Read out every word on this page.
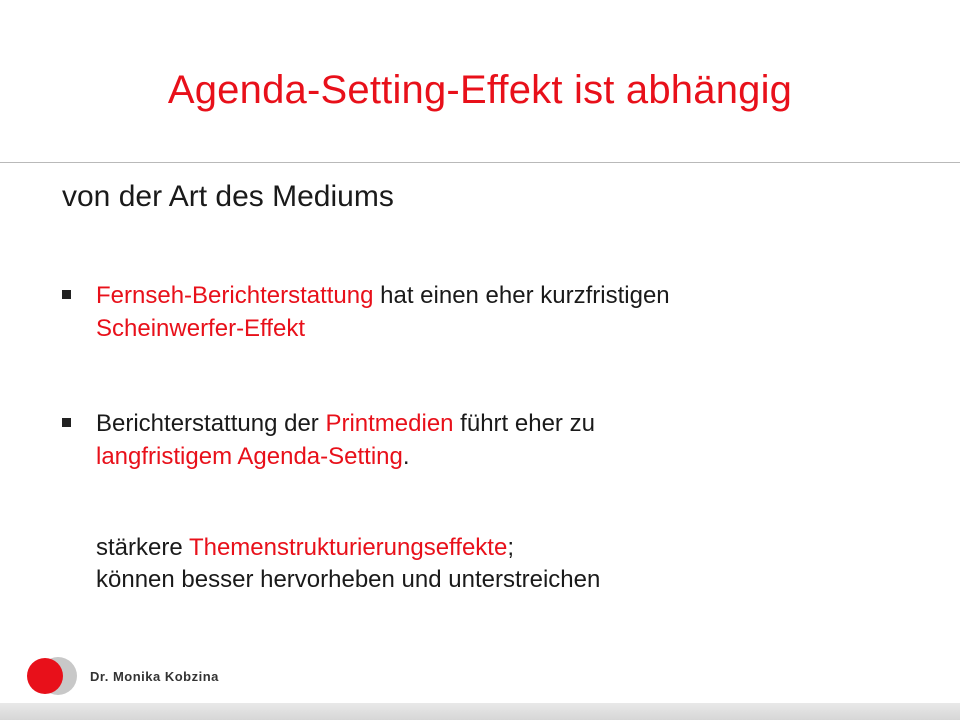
Agenda-Setting-Effekt ist abhängig
von der Art des Mediums
Fernseh-Berichterstattung hat einen eher kurzfristigen
Scheinwerfer-Effekt
Berichterstattung der Printmedien führt eher zu
langfristigem Agenda-Setting.
stärkere Themenstrukturierungseffekte;
können besser hervorheben und unterstreichen
Dr. Monika Kobzina
